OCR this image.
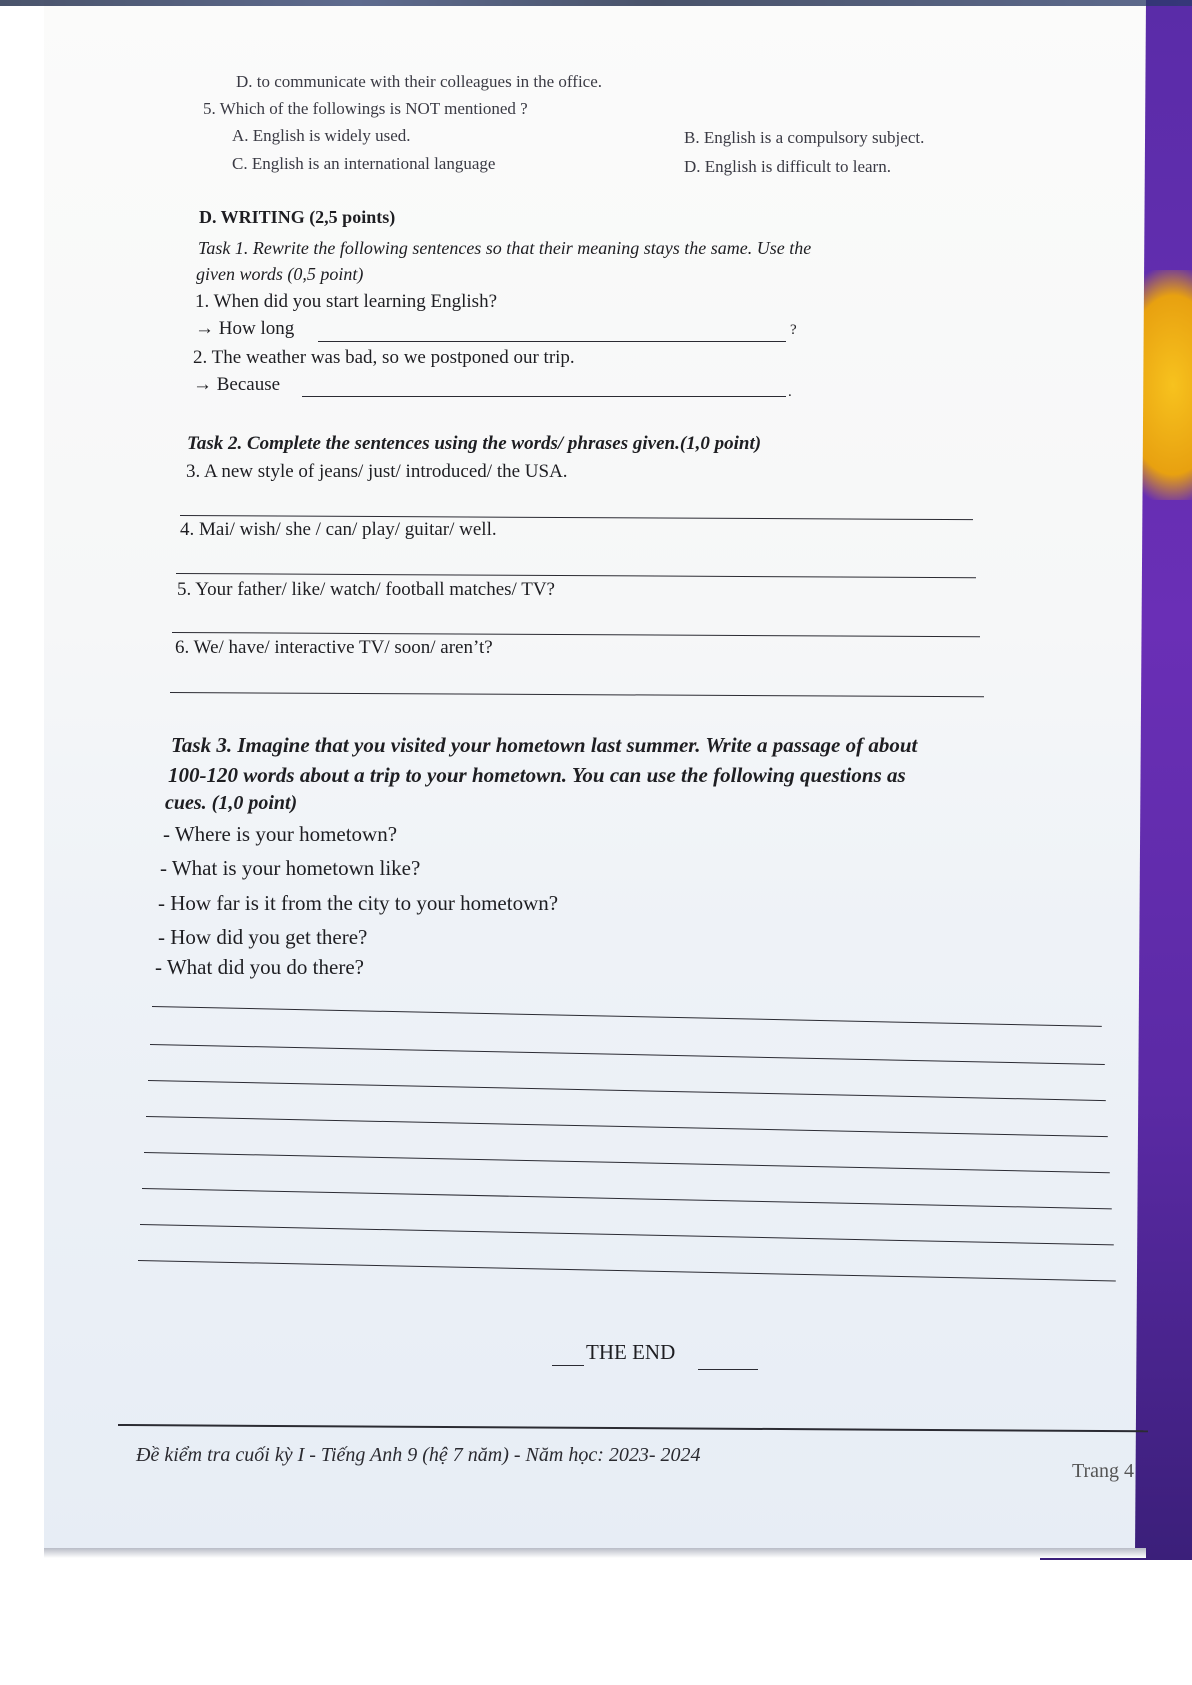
D. to communicate with their colleagues in the office.
5. Which of the followings is NOT mentioned ?
A. English is widely used.	B. English is a compulsory subject.
C. English is an international language	D. English is difficult to learn.
D. WRITING (2,5 points)
Task 1. Rewrite the following sentences so that their meaning stays the same. Use the
given words (0,5 point)
1. When did you start learning English?
→ How long	?
2. The weather was bad, so we postponed our trip.
→ Because	.
Task 2. Complete the sentences using the words/ phrases given.(1,0 point)
3. A new style of jeans/ just/ introduced/ the USA.
4. Mai/ wish/ she / can/ play/ guitar/ well.
5. Your father/ like/ watch/ football matches/ TV?
6. We/ have/ interactive TV/ soon/ aren’t?
Task 3. Imagine that you visited your hometown last summer. Write a passage of about
100-120 words about a trip to your hometown. You can use the following questions as
cues. (1,0 point)
- Where is your hometown?
- What is your hometown like?
- How far is it from the city to your hometown?
- How did you get there?
- What did you do there?
THE END
Đề kiểm tra cuối kỳ I - Tiếng Anh 9 (hệ 7 năm) - Năm học: 2023- 2024
Trang 4
